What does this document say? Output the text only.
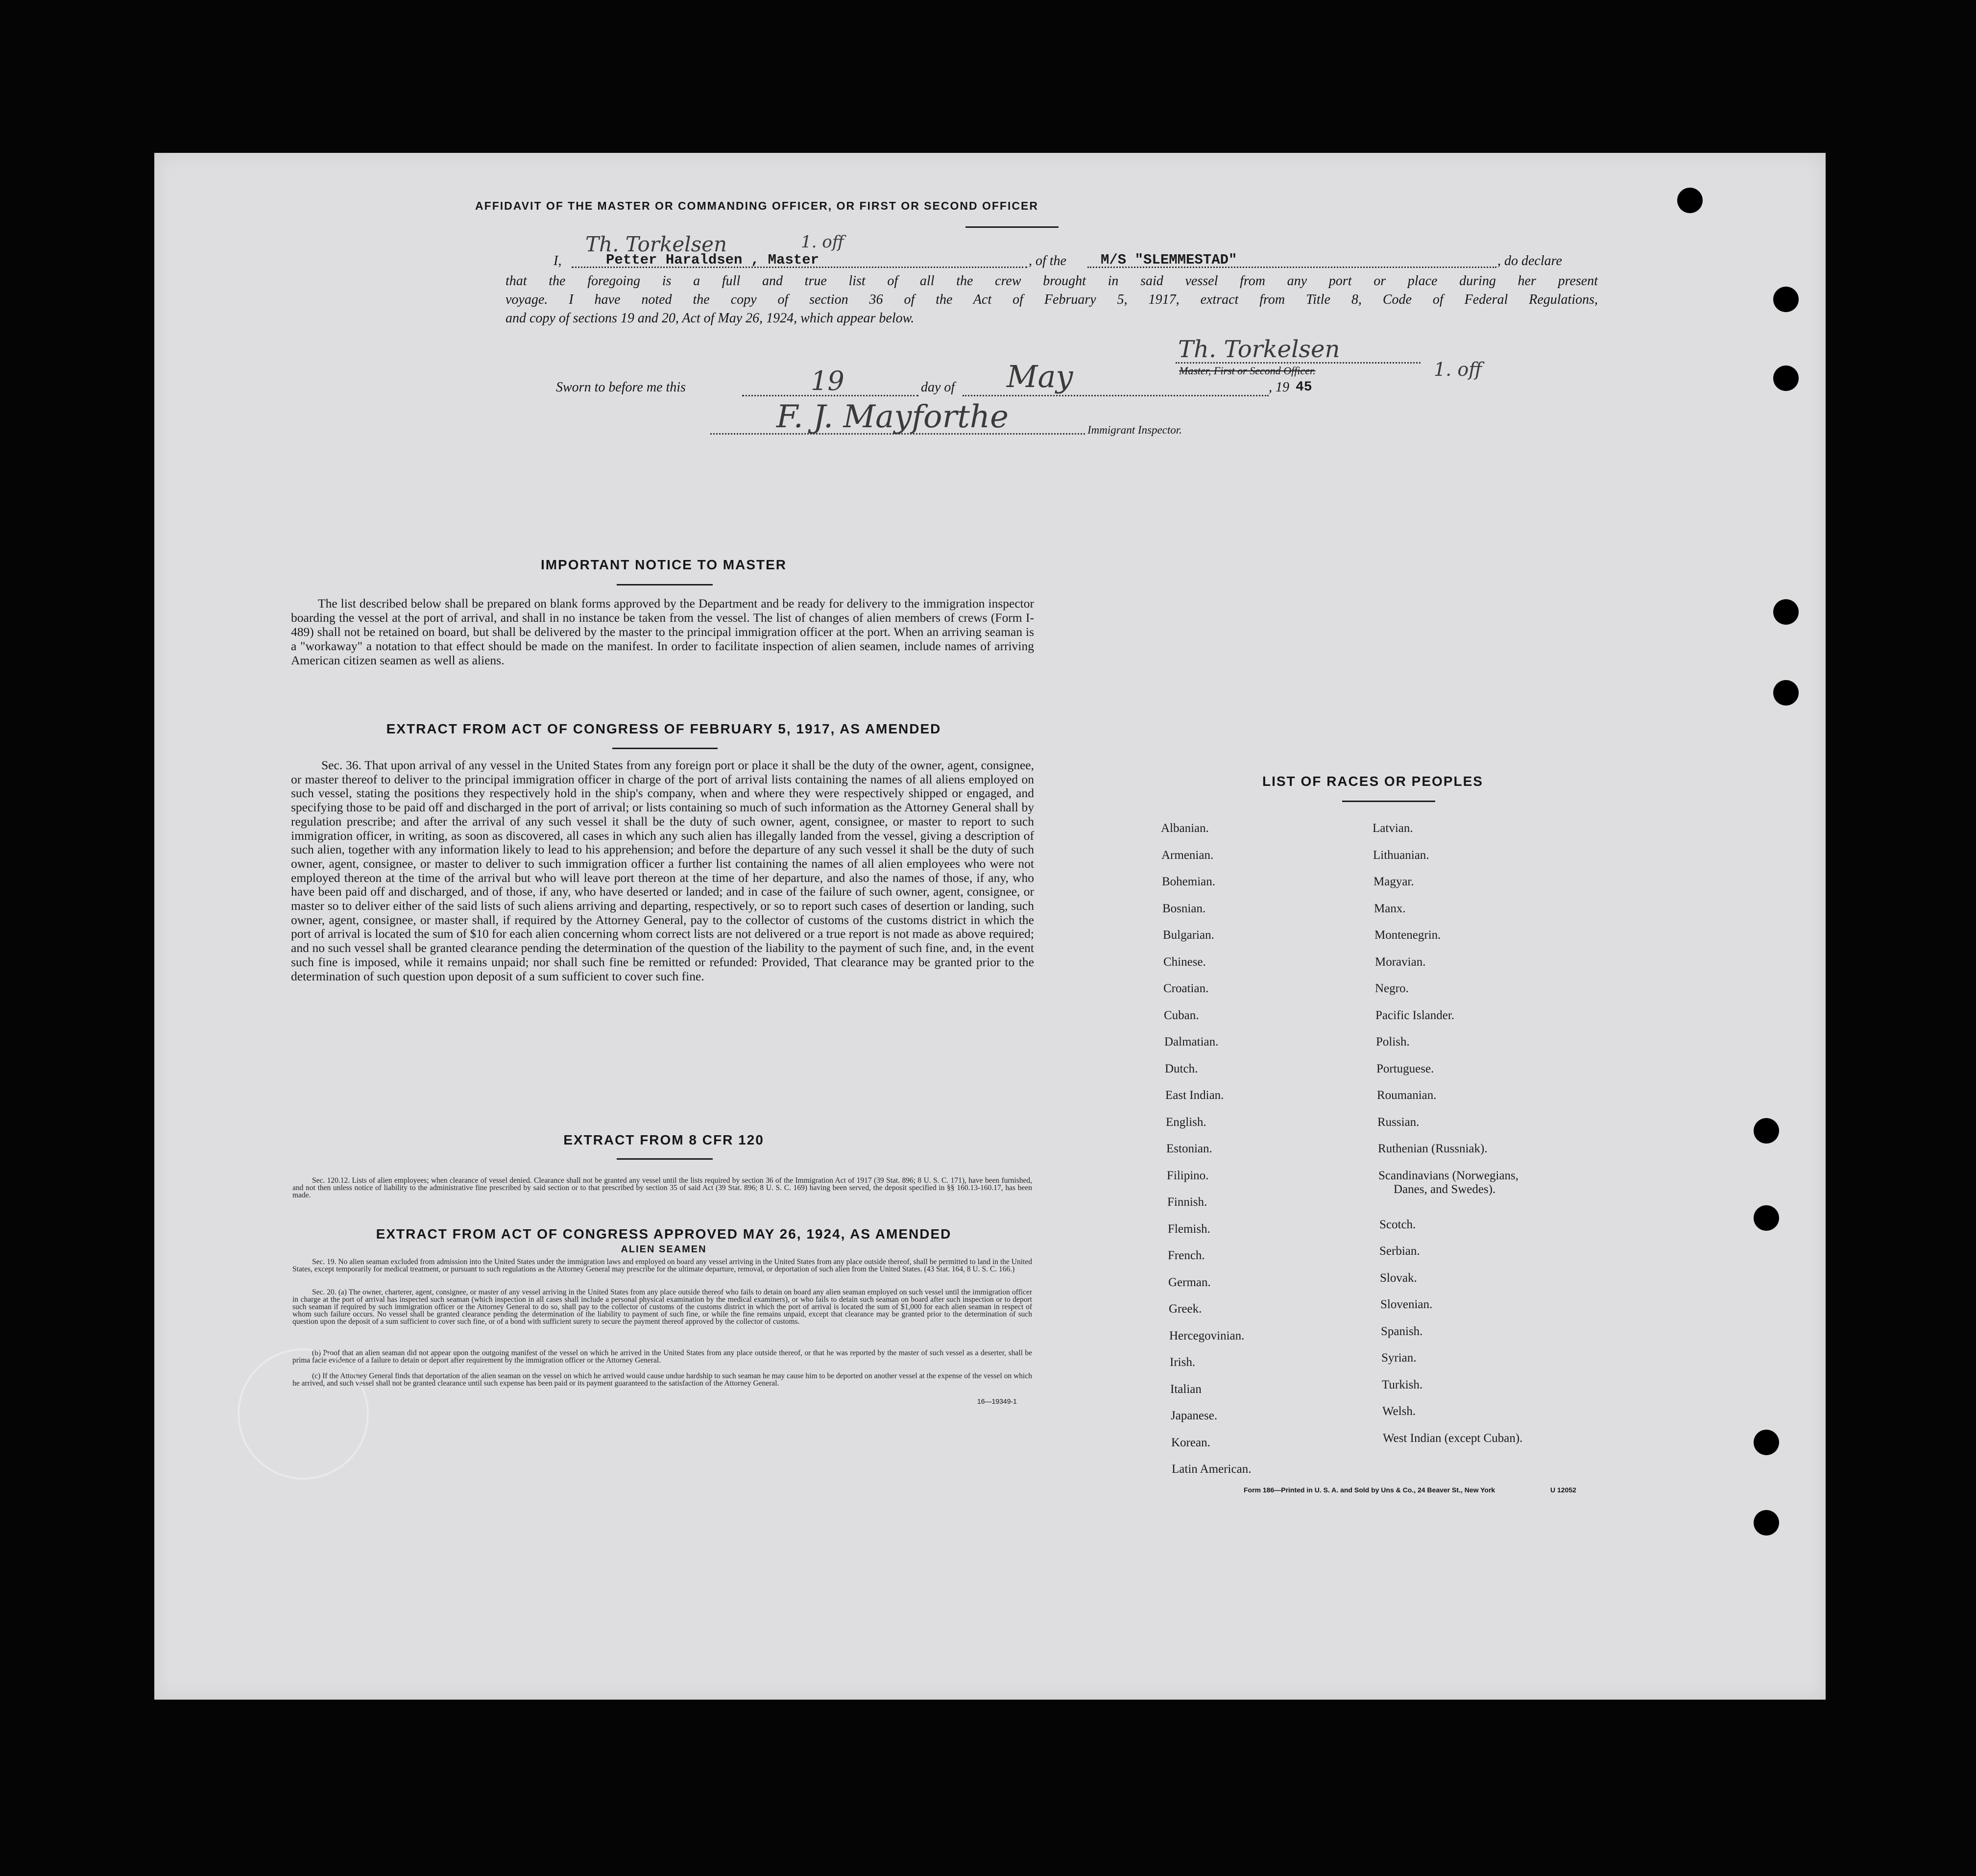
AFFIDAVIT OF THE MASTER OR COMMANDING OFFICER, OR FIRST OR SECOND OFFICER
Th. Torkelsen	1. off
I,	Petter Haraldsen , Master	, of the M/S "SLEMMESTAD"	, do declare
that the foregoing is a full and true list of all the crew brought in said vessel from any port or place during her present
voyage. I have noted the copy of section 36 of the Act of February 5, 1917, extract from Title 8, Code of Federal Regulations,
and copy of sections 19 and 20, Act of May 26, 1924, which appear below.
Th. Torkelsen
Master, First or Second Officer.	1. off
Sworn to before me this	19	day of May	, 19 45
F. J. Mayforthe	Immigrant Inspector.
IMPORTANT NOTICE TO MASTER
The list described below shall be prepared on blank forms approved by the Department and be ready for delivery to the immigration inspector boarding the vessel at the port of arrival, and shall in no instance be taken from the vessel. The list of changes of alien members of crews (Form I-489) shall not be retained on board, but shall be delivered by the master to the principal immigration officer at the port. When an arriving seaman is a "workaway" a notation to that effect should be made on the manifest. In order to facilitate inspection of alien seamen, include names of arriving American citizen seamen as well as aliens.
EXTRACT FROM ACT OF CONGRESS OF FEBRUARY 5, 1917, AS AMENDED
Sec. 36. That upon arrival of any vessel in the United States from any foreign port or place it shall be the duty of the owner, agent, consignee, or master thereof to deliver to the principal immigration officer in charge of the port of arrival lists containing the names of all aliens employed on such vessel, stating the positions they respectively hold in the ship's company, when and where they were respectively shipped or engaged, and specifying those to be paid off and discharged in the port of arrival; or lists containing so much of such information as the Attorney General shall by regulation prescribe; and after the arrival of any such vessel it shall be the duty of such owner, agent, consignee, or master to report to such immigration officer, in writing, as soon as discovered, all cases in which any such alien has illegally landed from the vessel, giving a description of such alien, together with any information likely to lead to his apprehension; and before the departure of any such vessel it shall be the duty of such owner, agent, consignee, or master to deliver to such immigration officer a further list containing the names of all alien employees who were not employed thereon at the time of the arrival but who will leave port thereon at the time of her departure, and also the names of those, if any, who have been paid off and discharged, and of those, if any, who have deserted or landed; and in case of the failure of such owner, agent, consignee, or master so to deliver either of the said lists of such aliens arriving and departing, respectively, or so to report such cases of desertion or landing, such owner, agent, consignee, or master shall, if required by the Attorney General, pay to the collector of customs of the customs district in which the port of arrival is located the sum of $10 for each alien concerning whom correct lists are not delivered or a true report is not made as above required; and no such vessel shall be granted clearance pending the determination of the question of the liability to the payment of such fine, and, in the event such fine is imposed, while it remains unpaid; nor shall such fine be remitted or refunded: Provided, That clearance may be granted prior to the determination of such question upon deposit of a sum sufficient to cover such fine.
EXTRACT FROM 8 CFR 120
Sec. 120.12. Lists of alien employees; when clearance of vessel denied. Clearance shall not be granted any vessel until the lists required by section 36 of the Immigration Act of 1917 (39 Stat. 896; 8 U. S. C. 171), have been furnished, and not then unless notice of liability to the administrative fine prescribed by said section or to that prescribed by section 35 of said Act (39 Stat. 896; 8 U. S. C. 169) having been served, the deposit specified in §§ 160.13-160.17, has been made.
EXTRACT FROM ACT OF CONGRESS APPROVED MAY 26, 1924, AS AMENDED
ALIEN SEAMEN
Sec. 19. No alien seaman excluded from admission into the United States under the immigration laws and employed on board any vessel arriving in the United States from any place outside thereof, shall be permitted to land in the United States, except temporarily for medical treatment, or pursuant to such regulations as the Attorney General may prescribe for the ultimate departure, removal, or deportation of such alien from the United States. (43 Stat. 164, 8 U. S. C. 166.)
Sec. 20. (a) The owner, charterer, agent, consignee, or master of any vessel arriving in the United States from any place outside thereof who fails to detain on board any alien seaman employed on such vessel until the immigration officer in charge at the port of arrival has inspected such seaman (which inspection in all cases shall include a personal physical examination by the medical examiners), or who fails to detain such seaman on board after such inspection or to deport such seaman if required by such immigration officer or the Attorney General to do so, shall pay to the collector of customs of the customs district in which the port of arrival is located the sum of $1,000 for each alien seaman in respect of whom such failure occurs. No vessel shall be granted clearance pending the determination of the liability to payment of such fine, or while the fine remains unpaid, except that clearance may be granted prior to the determination of such question upon the deposit of a sum sufficient to cover such fine, or of a bond with sufficient surety to secure the payment thereof approved by the collector of customs.
(b) Proof that an alien seaman did not appear upon the outgoing manifest of the vessel on which he arrived in the United States from any place outside thereof, or that he was reported by the master of such vessel as a deserter, shall be prima facie evidence of a failure to detain or deport after requirement by the immigration officer or the Attorney General.
(c) If the Attorney General finds that deportation of the alien seaman on the vessel on which he arrived would cause undue hardship to such seaman he may cause him to be deported on another vessel at the expense of the vessel on which he arrived, and such vessel shall not be granted clearance until such expense has been paid or its payment guaranteed to the satisfaction of the Attorney General.
16—19349-1
LIST OF RACES OR PEOPLES
Albanian.
Armenian.
Bohemian.
Bosnian.
Bulgarian.
Chinese.
Croatian.
Cuban.
Dalmatian.
Dutch.
East Indian.
English.
Estonian.
Filipino.
Finnish.
Flemish.
French.
German.
Greek.
Hercegovinian.
Irish.
Italian
Japanese.
Korean.
Latin American.
Latvian.
Lithuanian.
Magyar.
Manx.
Montenegrin.
Moravian.
Negro.
Pacific Islander.
Polish.
Portuguese.
Roumanian.
Russian.
Ruthenian (Russniak).
Scandinavians (Norwegians,
Danes, and Swedes).
Scotch.
Serbian.
Slovak.
Slovenian.
Spanish.
Syrian.
Turkish.
Welsh.
West Indian (except Cuban).
Form 186—Printed in U. S. A. and Sold by Uns & Co., 24 Beaver St., New York	U 12052
